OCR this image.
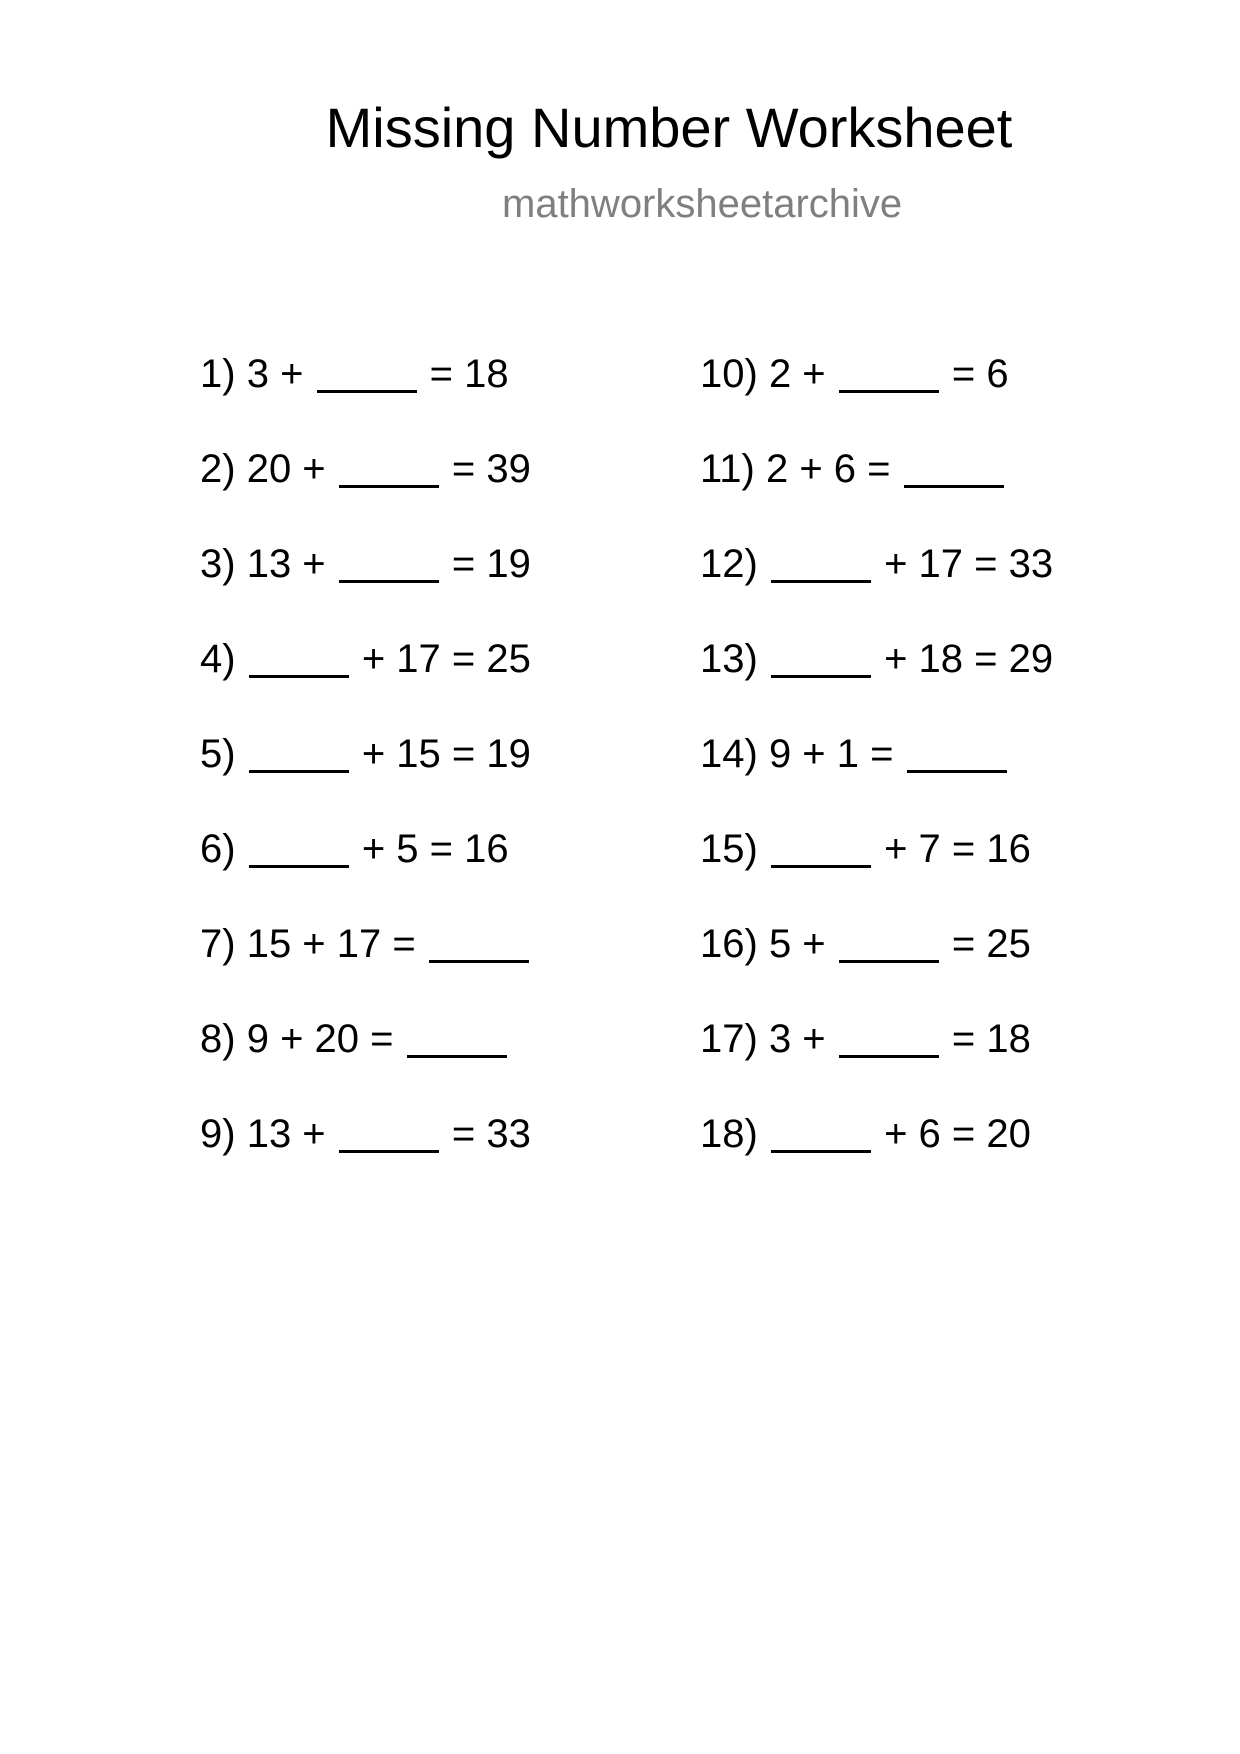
Missing Number Worksheet
mathworksheetarchive
1) 3 +	= 18
2) 20 +	= 39
3) 13 +	= 19
4)	+ 17 = 25
5)	+ 15 = 19
6)	+ 5 = 16
7) 15 + 17 =
8) 9 + 20 =
9) 13 +	= 33
10) 2 +	= 6
11) 2 + 6 =
12)	+ 17 = 33
13)	+ 18 = 29
14) 9 + 1 =
15)	+ 7 = 16
16) 5 +	= 25
17) 3 +	= 18
18)	+ 6 = 20
